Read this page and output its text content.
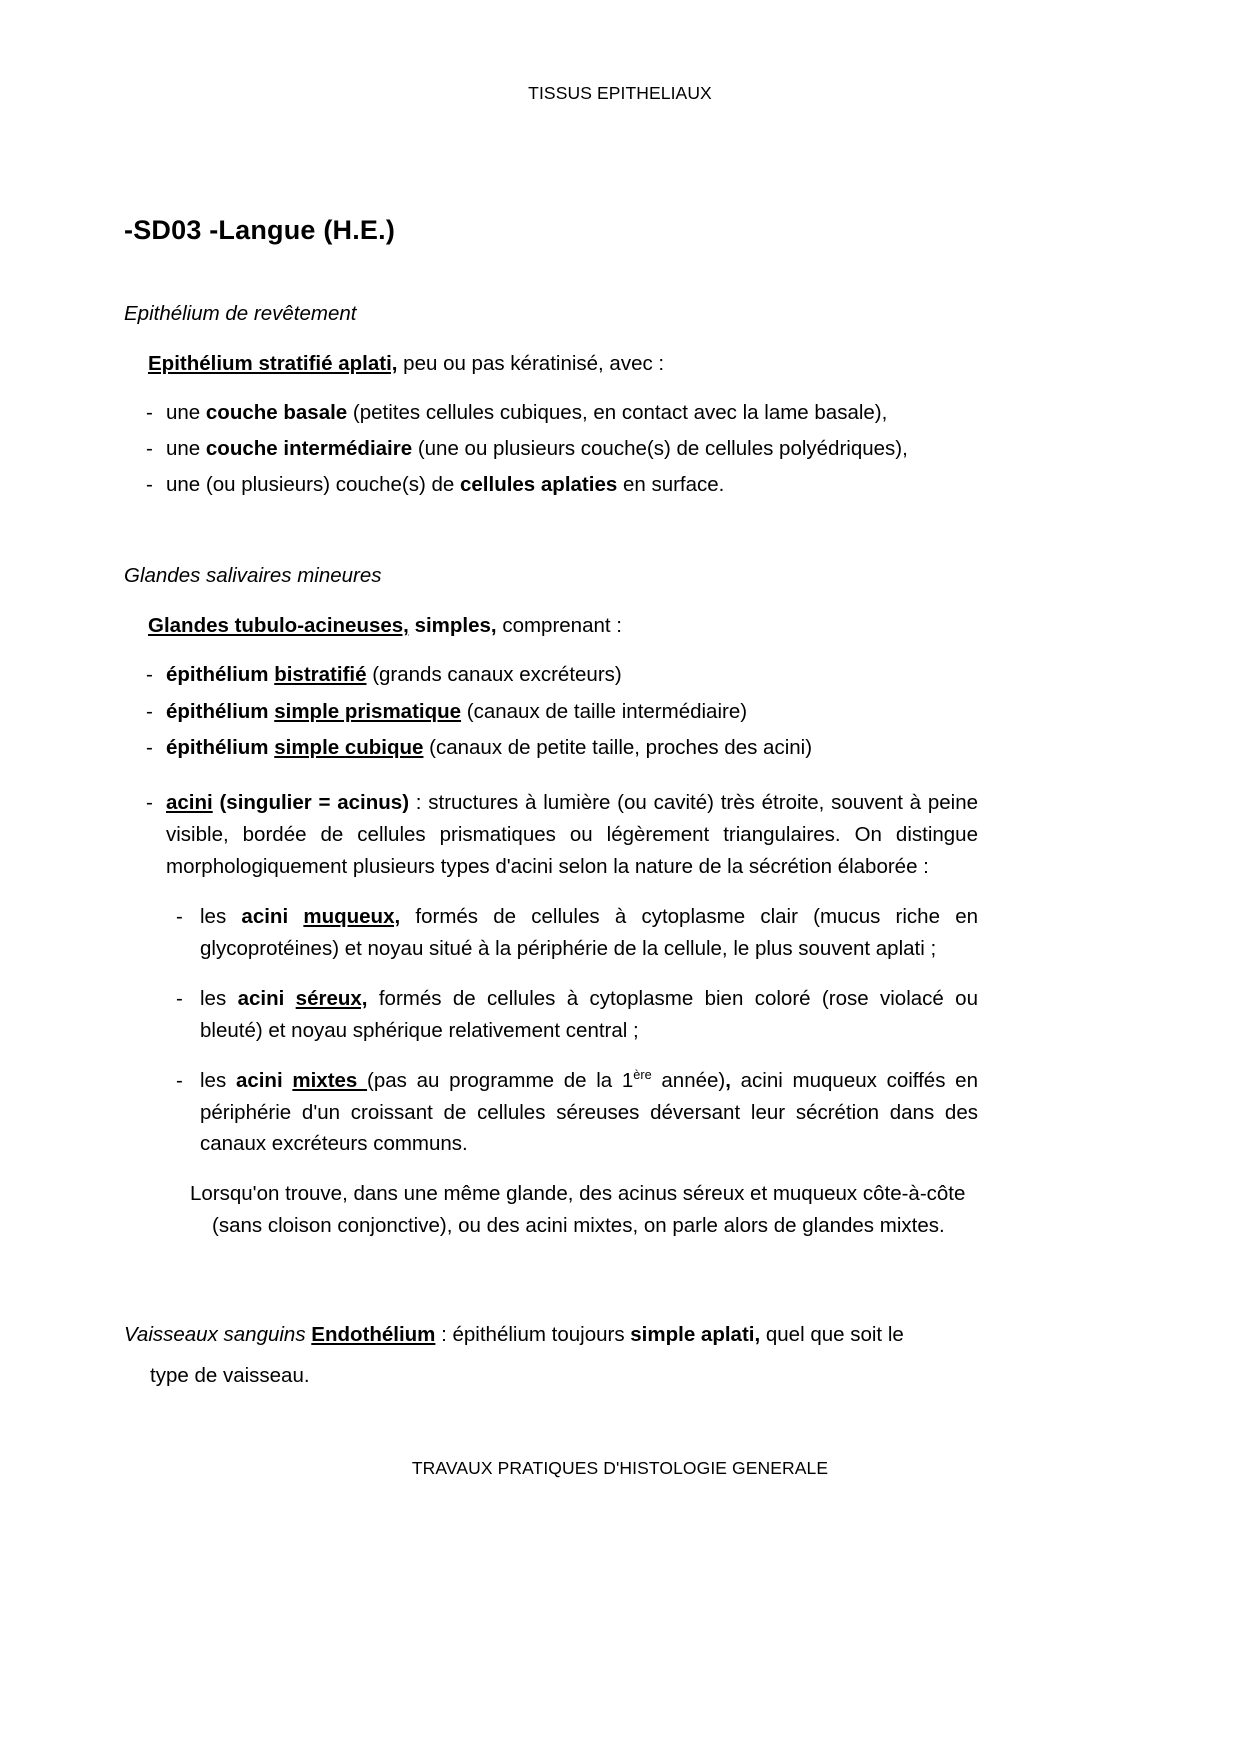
TISSUS EPITHELIAUX
-SD03 -Langue (H.E.)
Epithélium de revêtement

Epithélium stratifié aplati, peu ou pas kératinisé, avec :

- une couche basale (petites cellules cubiques, en contact avec la lame basale),
- une couche intermédiaire (une ou plusieurs couche(s) de cellules polyédriques),
- une (ou plusieurs) couche(s) de cellules aplaties en surface.
Glandes salivaires mineures

Glandes tubulo-acineuses, simples, comprenant :

- épithélium bistratifié (grands canaux excréteurs)
- épithélium simple prismatique (canaux de taille intermédiaire)
- épithélium simple cubique (canaux de petite taille, proches des acini)
- acini (singulier = acinus) : structures à lumière (ou cavité) très étroite, souvent à peine visible, bordée de cellules prismatiques ou légèrement triangulaires. On distingue morphologiquement plusieurs types d'acini selon la nature de la sécrétion élaborée :
- les acini muqueux, formés de cellules à cytoplasme clair (mucus riche en glycoprotéines) et noyau situé à la périphérie de la cellule, le plus souvent aplati ;
- les acini séreux, formés de cellules à cytoplasme bien coloré (rose violacé ou bleuté) et noyau sphérique relativement central ;
- les acini mixtes (pas au programme de la 1ère année), acini muqueux coiffés en périphérie d'un croissant de cellules séreuses déversant leur sécrétion dans des canaux excréteurs communs.
Lorsqu'on trouve, dans une même glande, des acinus séreux et muqueux côte-à-côte
(sans cloison conjonctive), ou des acini mixtes, on parle alors de glandes mixtes.

Vaisseaux sanguins Endothélium : épithélium toujours simple aplati, quel que soit le
type de vaisseau.

TRAVAUX PRATIQUES D'HISTOLOGIE GENERALE
